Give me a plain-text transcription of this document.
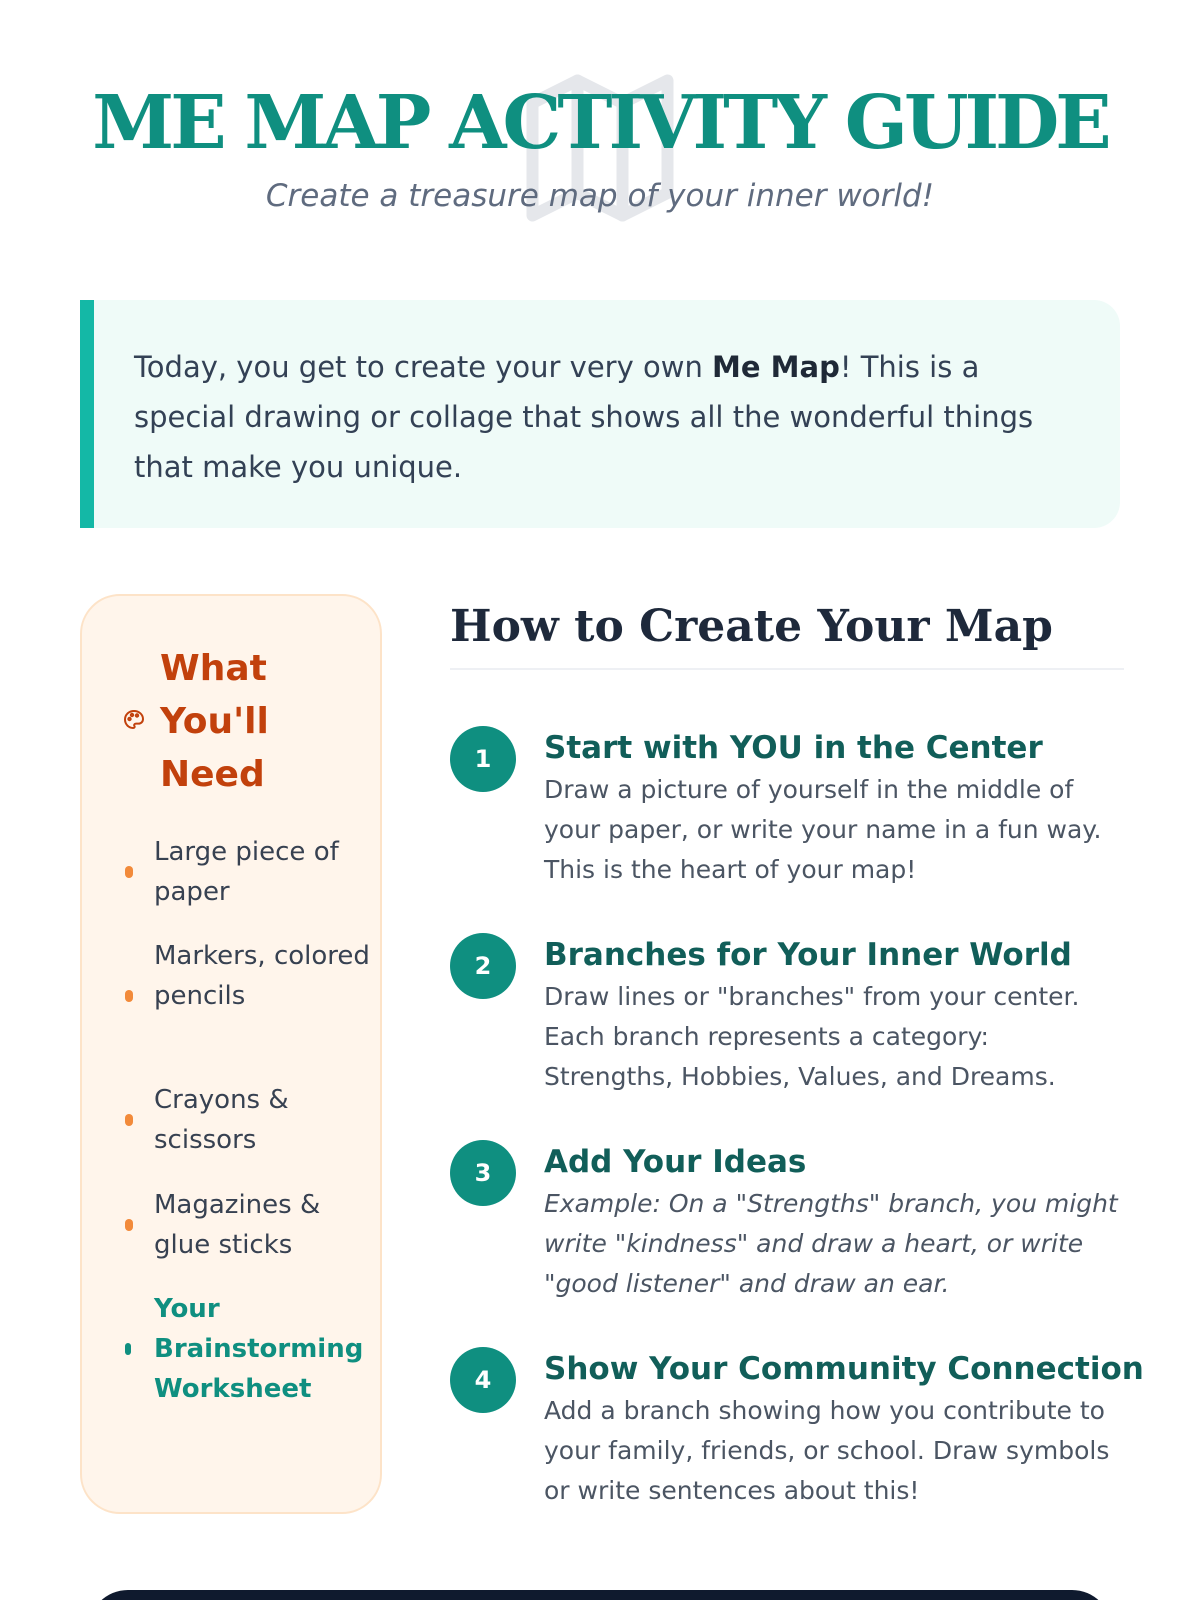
ME MAP ACTIVITY GUIDE
Create a treasure map of your inner world!

Today, you get to create your very own Me Map! This is a special drawing or collage that shows all the wonderful things that make you unique.

What You'll Need
Large piece of paper
Markers, colored pencils
Crayons & scissors
Magazines & glue sticks
Your Brainstorming Worksheet
How to Create Your Map
1	Start with YOU in the Center
Draw a picture of yourself in the middle of your paper, or write your name in a fun way. This is the heart of your map!
2	Branches for Your Inner World
Draw lines or "branches" from your center. Each branch represents a category: Strengths, Hobbies, Values, and Dreams.
3	Add Your Ideas
Example: On a "Strengths" branch, you might write "kindness" and draw a heart, or write "good listener" and draw an ear.
4	Show Your Community Connection
Add a branch showing how you contribute to your family, friends, or school. Draw symbols or write sentences about this!
